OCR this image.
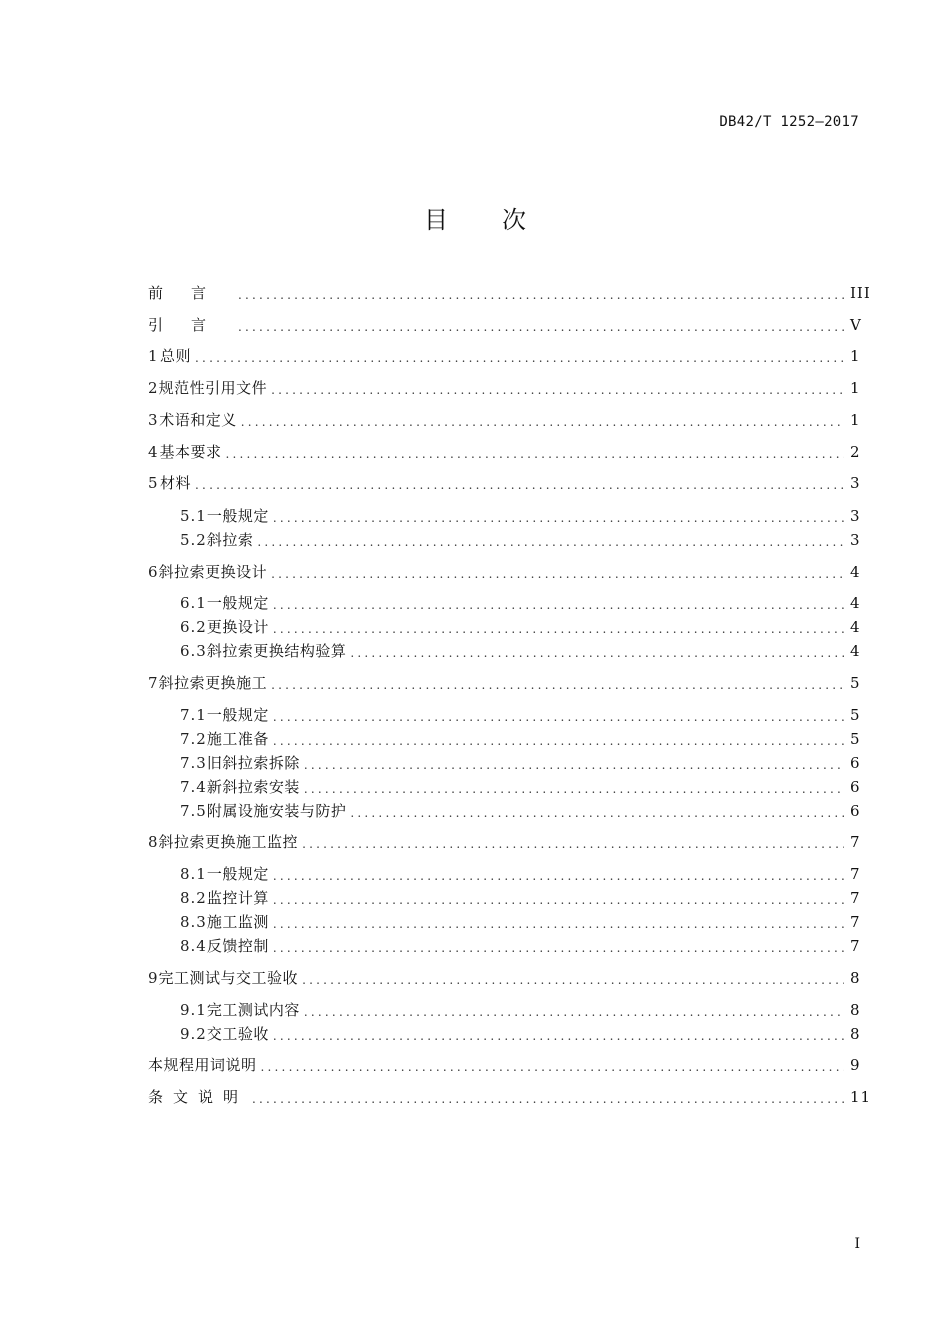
DB42/T 1252—2017
目次
前言 .....	III
引言 .....	V
1 总则 .....	1
2 规范性引用文件 .....	1
3 术语和定义 .....	1
4 基本要求 .....	2
5 材料 .....	3
5.1 一般规定 .....	3
5.2 斜拉索 .....	3
6 斜拉索更换设计 .....	4
6.1 一般规定 .....	4
6.2 更换设计 .....	4
6.3 斜拉索更换结构验算 .....	4
7 斜拉索更换施工 .....	5
7.1 一般规定 .....	5
7.2 施工准备 .....	5
7.3 旧斜拉索拆除 .....	6
7.4 新斜拉索安装 .....	6
7.5 附属设施安装与防护 .....	6
8 斜拉索更换施工监控 .....	7
8.1 一般规定 .....	7
8.2 监控计算 .....	7
8.3 施工监测 .....	7
8.4 反馈控制 .....	7
9 完工测试与交工验收 .....	8
9.1 完工测试内容 .....	8
9.2 交工验收 .....	8
本规程用词说明 .....	9
条文说明 .....	11
I
